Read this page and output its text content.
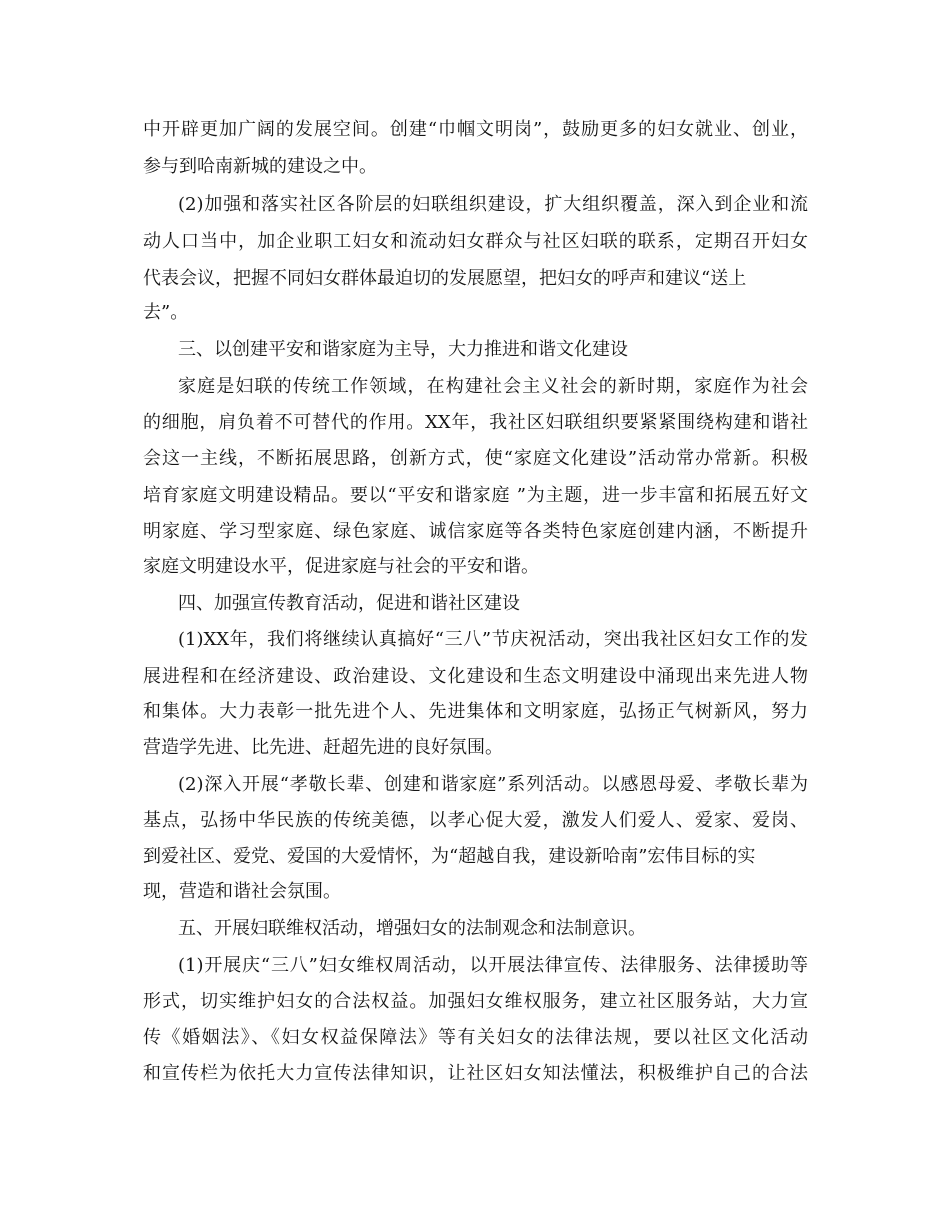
中开辟更加广阔的发展空间。创建“巾帼文明岗”，鼓励更多的妇女就业、创业，
参与到哈南新城的建设之中。
(2)加强和落实社区各阶层的妇联组织建设，扩大组织覆盖，深入到企业和流
动人口当中，加企业职工妇女和流动妇女群众与社区妇联的联系，定期召开妇女
代表会议，把握不同妇女群体最迫切的发展愿望，把妇女的呼声和建议“送上
去”。
三、以创建平安和谐家庭为主导，大力推进和谐文化建设
家庭是妇联的传统工作领域，在构建社会主义社会的新时期，家庭作为社会
的细胞，肩负着不可替代的作用。XX年，我社区妇联组织要紧紧围绕构建和谐社
会这一主线，不断拓展思路，创新方式，使“家庭文化建设”活动常办常新。积极
培育家庭文明建设精品。要以“平安和谐家庭 ”为主题，进一步丰富和拓展五好文
明家庭、学习型家庭、绿色家庭、诚信家庭等各类特色家庭创建内涵，不断提升
家庭文明建设水平，促进家庭与社会的平安和谐。
四、加强宣传教育活动，促进和谐社区建设
(1)XX年，我们将继续认真搞好“三八”节庆祝活动，突出我社区妇女工作的发
展进程和在经济建设、政治建设、文化建设和生态文明建设中涌现出来先进人物
和集体。大力表彰一批先进个人、先进集体和文明家庭，弘扬正气树新风，努力
营造学先进、比先进、赶超先进的良好氛围。
(2)深入开展“孝敬长辈、创建和谐家庭”系列活动。以感恩母爱、孝敬长辈为
基点，弘扬中华民族的传统美德，以孝心促大爱，激发人们爱人、爱家、爱岗、
到爱社区、爱党、爱国的大爱情怀，为“超越自我，建设新哈南”宏伟目标的实
现，营造和谐社会氛围。
五、开展妇联维权活动，增强妇女的法制观念和法制意识。
(1)开展庆“三八”妇女维权周活动，以开展法律宣传、法律服务、法律援助等
形式，切实维护妇女的合法权益。加强妇女维权服务，建立社区服务站，大力宣
传《婚姻法》、《妇女权益保障法》等有关妇女的法律法规，要以社区文化活动
和宣传栏为依托大力宣传法律知识，让社区妇女知法懂法，积极维护自己的合法
